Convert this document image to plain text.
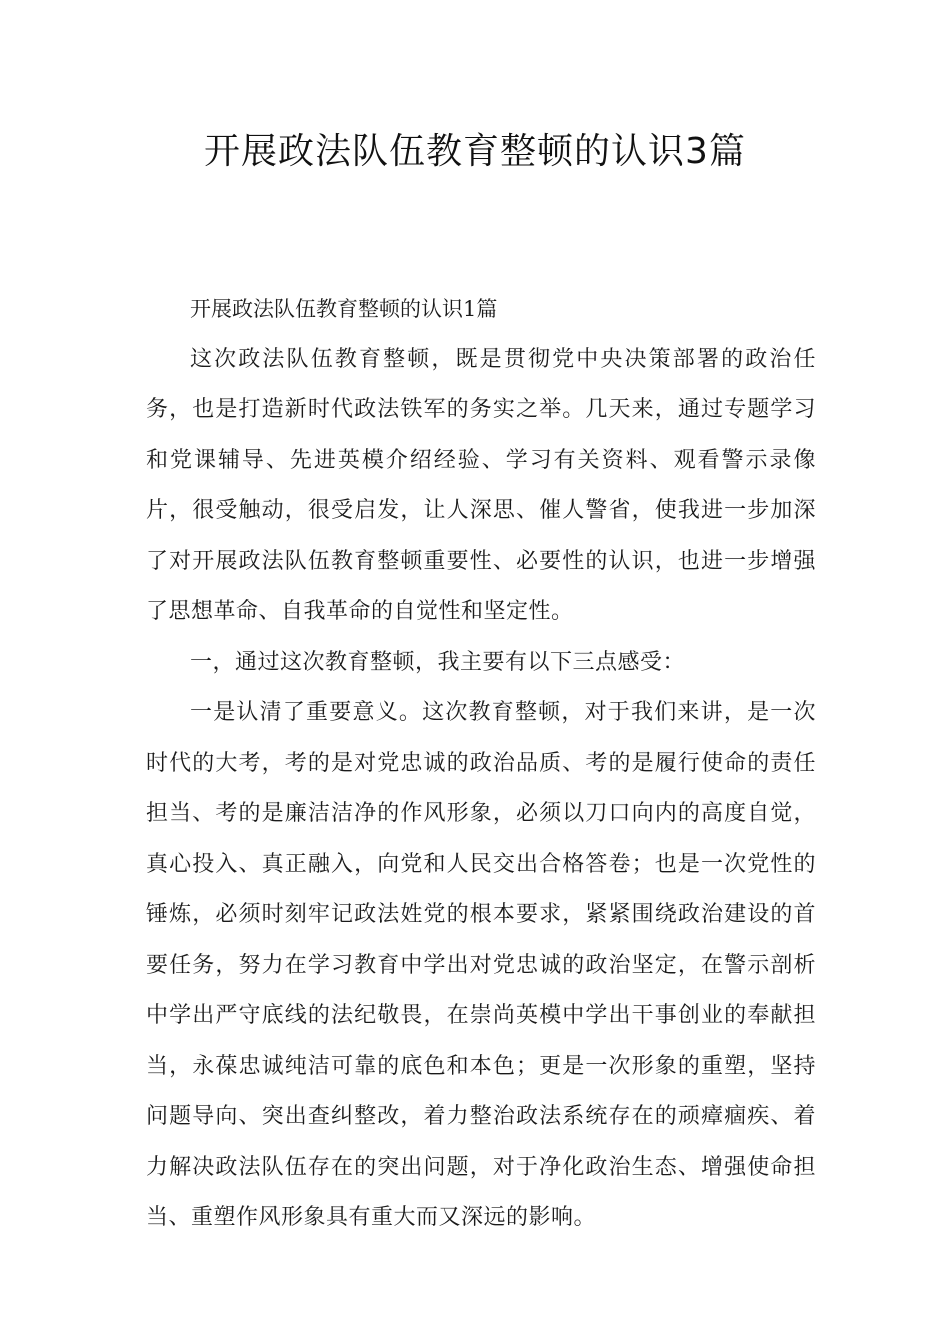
开展政法队伍教育整顿的认识3篇

开展政法队伍教育整顿的认识1篇

这次政法队伍教育整顿，既是贯彻党中央决策部署的政治任务，也是打造新时代政法铁军的务实之举。几天来，通过专题学习和党课辅导、先进英模介绍经验、学习有关资料、观看警示录像片，很受触动，很受启发，让人深思、催人警省，使我进一步加深了对开展政法队伍教育整顿重要性、必要性的认识，也进一步增强了思想革命、自我革命的自觉性和坚定性。

一，通过这次教育整顿，我主要有以下三点感受：

一是认清了重要意义。这次教育整顿，对于我们来讲，是一次时代的大考，考的是对党忠诚的政治品质、考的是履行使命的责任担当、考的是廉洁洁净的作风形象，必须以刀口向内的高度自觉，真心投入、真正融入，向党和人民交出合格答卷；也是一次党性的锤炼，必须时刻牢记政法姓党的根本要求，紧紧围绕政治建设的首要任务，努力在学习教育中学出对党忠诚的政治坚定，在警示剖析中学出严守底线的法纪敬畏，在崇尚英模中学出干事创业的奉献担当，永葆忠诚纯洁可靠的底色和本色；更是一次形象的重塑，坚持问题导向、突出查纠整改，着力整治政法系统存在的顽瘴痼疾、着力解决政法队伍存在的突出问题，对于净化政治生态、增强使命担当、重塑作风形象具有重大而又深远的影响。
